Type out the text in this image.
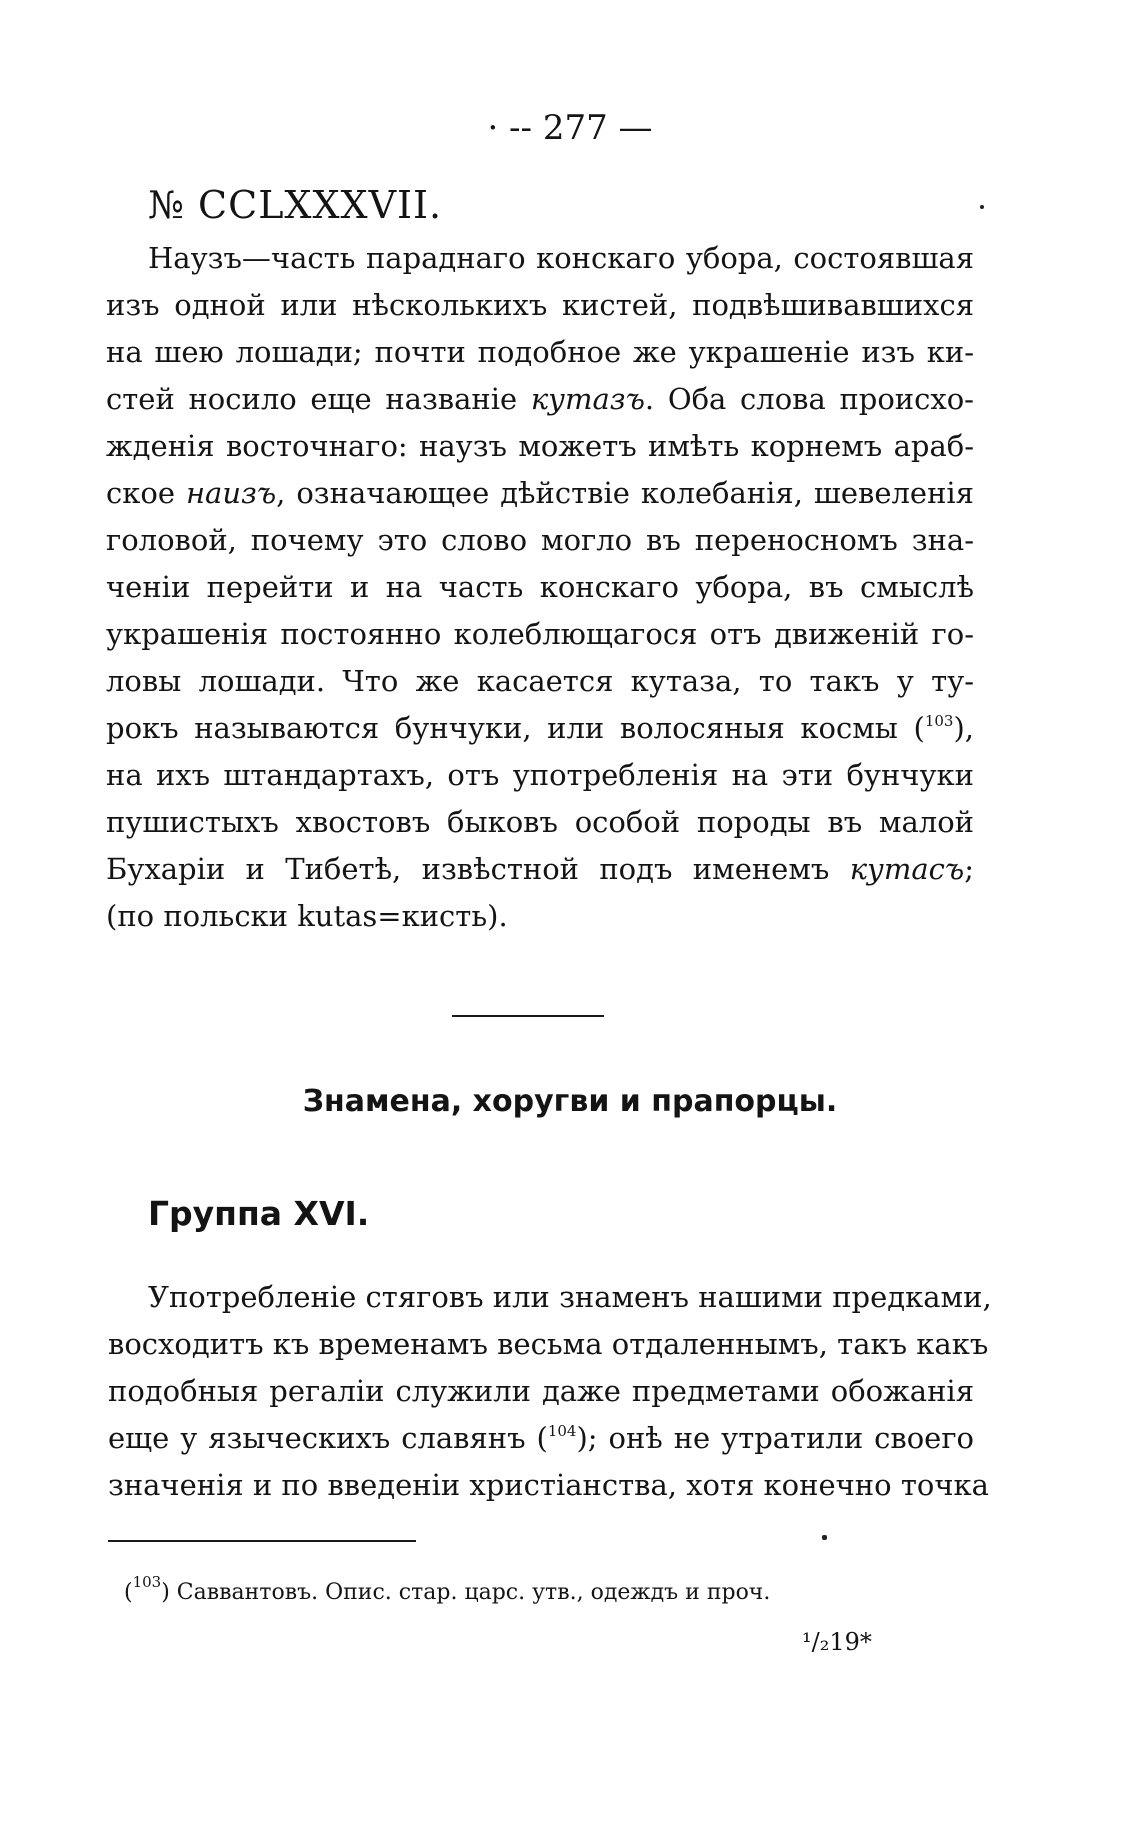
· -- 277 —
№ CCLXXXVII.
Наузъ—часть параднаго конскаго убора, состоявшая
изъ одной или нѣсколькихъ кистей, подвѣшивавшихся
на шею лошади; почти подобное же украшеніе изъ ки-
стей носило еще названіе кутазъ. Оба слова происхо-
жденія восточнаго: наузъ можетъ имѣть корнемъ араб-
ское наизъ, означающее дѣйствіе колебанія, шевеленія
головой, почему это слово могло въ переносномъ зна-
ченіи перейти и на часть конскаго убора, въ смыслѣ
украшенія постоянно колеблющагося отъ движеній го-
ловы лошади. Что же касается кутаза, то такъ у ту-
рокъ называются бунчуки, или волосяныя космы ($^{103}$),
на ихъ штандартахъ, отъ употребленія на эти бунчуки
пушистыхъ хвостовъ быковъ особой породы въ малой
Бухаріи и Тибетѣ, извѣстной подъ именемъ кутасъ;
(по польски kutas=кисть).
Знамена, хоругви и прапорцы.
Группа XVI.
Употребленіе стяговъ или знаменъ нашими предками,
восходитъ къ временамъ весьма отдаленнымъ, такъ какъ
подобныя регаліи служили даже предметами обожанія
еще у языческихъ славянъ ($^{104}$); онѣ не утратили своего
значенія и по введеніи христіанства, хотя конечно точка
($^{103}$) Саввантовъ. Опис. стар. царс. утв., одеждъ и проч.
¹/₂19*
